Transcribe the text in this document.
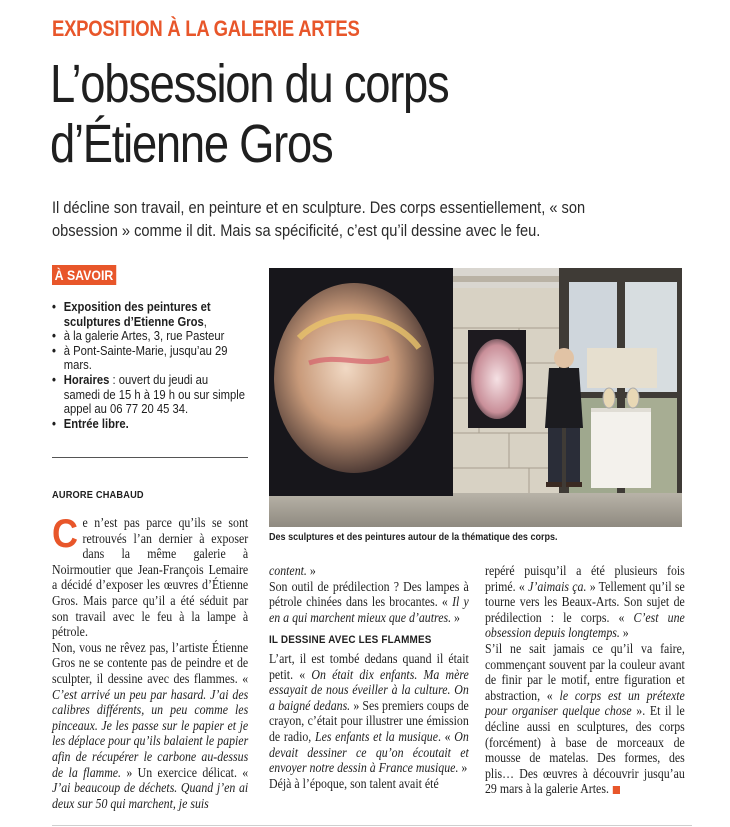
EXPOSITION À LA GALERIE ARTES
L’obsession du corps
d’Étienne Gros

Il décline son travail, en peinture et en sculpture. Des corps essentiellement, « son obsession » comme il dit. Mais sa spécificité, c’est qu’il dessine avec le feu.

À SAVOIR
• Exposition des peintures et sculptures d’Etienne Gros,
• à la galerie Artes, 3, rue Pasteur
• à Pont-Sainte-Marie, jusqu’au 29 mars.
• Horaires : ouvert du jeudi au samedi de 15 h à 19 h ou sur simple appel au 06 77 20 45 34.
• Entrée libre.
AURORE CHABAUD
Des sculptures et des peintures autour de la thématique des corps.

Ce n’est pas parce qu’ils se sont retrouvés l’an dernier à exposer dans la même galerie à Noirmoutier que Jean-François Lemaire a décidé d’exposer les œuvres d’Étienne Gros. Mais parce qu’il a été séduit par son travail avec le feu à la lampe à pétrole.

Non, vous ne rêvez pas, l’artiste Étienne Gros ne se contente pas de peindre et de sculpter, il dessine avec des flammes. « C’est arrivé un peu par hasard. J’ai des calibres différents, un peu comme les pinceaux. Je les passe sur le papier et je les déplace pour qu’ils balaient le papier afin de récupérer le carbone au-dessus de la flamme. » Un exercice délicat. « J’ai beaucoup de déchets. Quand j’en ai deux sur 50 qui marchent, je suis

content. »

Son outil de prédilection ? Des lampes à pétrole chinées dans les brocantes. « Il y en a qui marchent mieux que d’autres. »

IL DESSINE AVEC LES FLAMMES

L’art, il est tombé dedans quand il était petit. « On était dix enfants. Ma mère essayait de nous éveiller à la culture. On a baigné dedans. » Ses premiers coups de crayon, c’était pour illustrer une émission de radio, Les enfants et la musique. « On devait dessiner ce qu’on écoutait et envoyer notre dessin à France musique. »

Déjà à l’époque, son talent avait été

repéré puisqu’il a été plusieurs fois primé. « J’aimais ça. » Tellement qu’il se tourne vers les Beaux-Arts. Son sujet de prédilection : le corps. « C’est une obsession depuis longtemps. »

S’il ne sait jamais ce qu’il va faire, commençant souvent par la couleur avant de finir par le motif, entre figuration et abstraction, « le corps est un prétexte pour organiser quelque chose ». Et il le décline aussi en sculptures, des corps (forcément) à base de morceaux de mousse de matelas. Des formes, des plis… Des œuvres à découvrir jusqu’au 29 mars à la galerie Artes.
